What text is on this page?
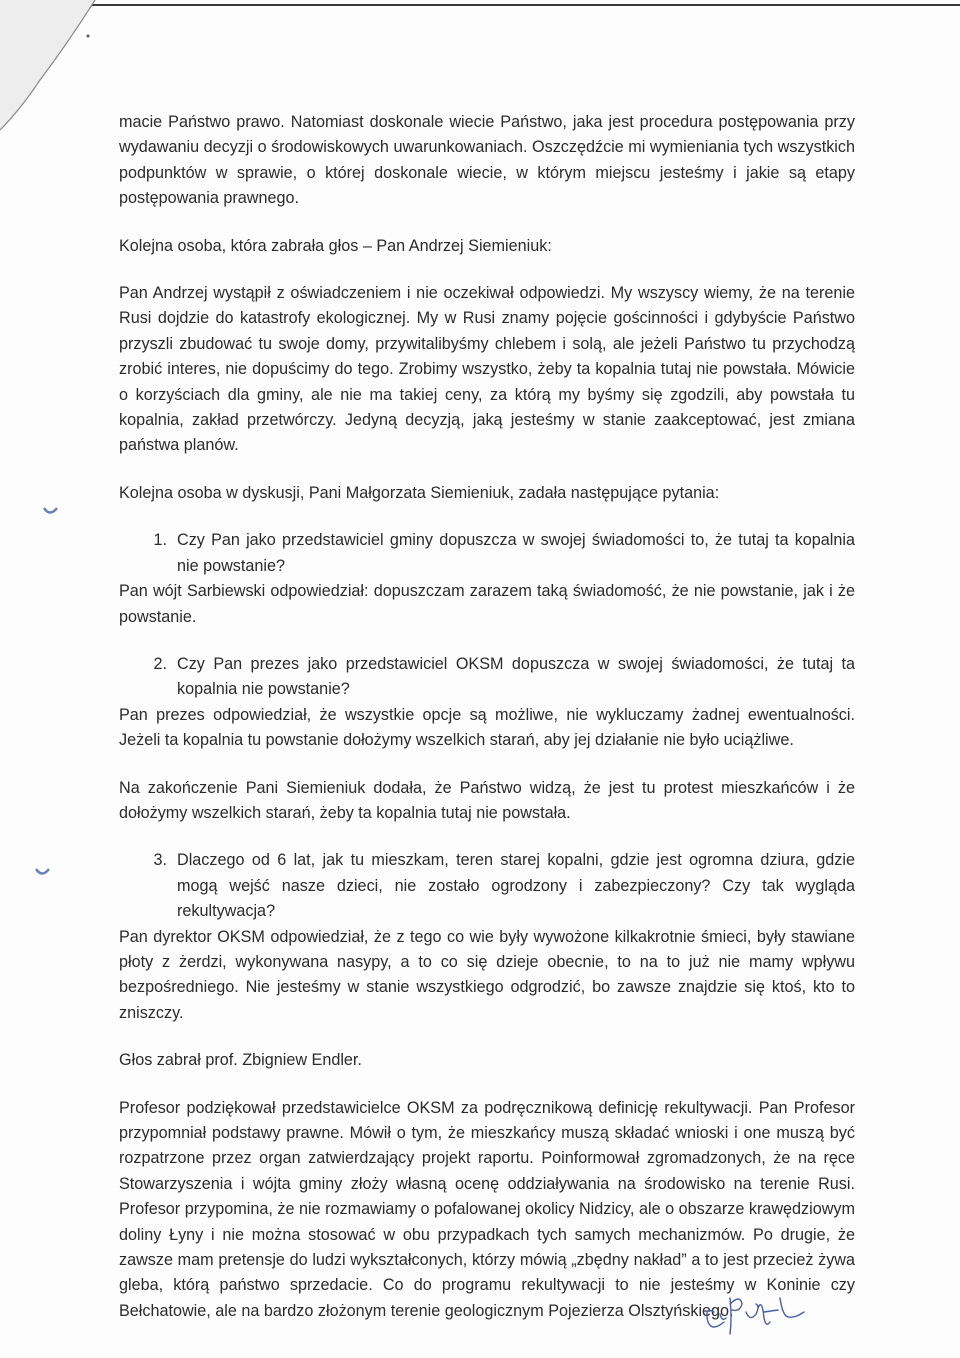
macie Państwo prawo. Natomiast doskonale wiecie Państwo, jaka jest procedura postępowania przy wydawaniu decyzji o środowiskowych uwarunkowaniach. Oszczędźcie mi wymieniania tych wszystkich podpunktów w sprawie, o której doskonale wiecie, w którym miejscu jesteśmy i jakie są etapy postępowania prawnego.

Kolejna osoba, która zabrała głos – Pan Andrzej Siemieniuk:

Pan Andrzej wystąpił z oświadczeniem i nie oczekiwał odpowiedzi. My wszyscy wiemy, że na terenie Rusi dojdzie do katastrofy ekologicznej. My w Rusi znamy pojęcie gościnności i gdybyście Państwo przyszli zbudować tu swoje domy, przywitalibyśmy chlebem i solą, ale jeżeli Państwo tu przychodzą zrobić interes, nie dopuścimy do tego. Zrobimy wszystko, żeby ta kopalnia tutaj nie powstała. Mówicie o korzyściach dla gminy, ale nie ma takiej ceny, za którą my byśmy się zgodzili, aby powstała tu kopalnia, zakład przetwórczy. Jedyną decyzją, jaką jesteśmy w stanie zaakceptować, jest zmiana państwa planów.

Kolejna osoba w dyskusji, Pani Małgorzata Siemieniuk, zadała następujące pytania:

1. Czy Pan jako przedstawiciel gminy dopuszcza w swojej świadomości to, że tutaj ta kopalnia nie powstanie?

Pan wójt Sarbiewski odpowiedział: dopuszczam zarazem taką świadomość, że nie powstanie, jak i że powstanie.

2. Czy Pan prezes jako przedstawiciel OKSM dopuszcza w swojej świadomości, że tutaj ta kopalnia nie powstanie?

Pan prezes odpowiedział, że wszystkie opcje są możliwe, nie wykluczamy żadnej ewentualności. Jeżeli ta kopalnia tu powstanie dołożymy wszelkich starań, aby jej działanie nie było uciążliwe.

Na zakończenie Pani Siemieniuk dodała, że Państwo widzą, że jest tu protest mieszkańców i że dołożymy wszelkich starań, żeby ta kopalnia tutaj nie powstała.

3. Dlaczego od 6 lat, jak tu mieszkam, teren starej kopalni, gdzie jest ogromna dziura, gdzie mogą wejść nasze dzieci, nie zostało ogrodzony i zabezpieczony? Czy tak wygląda rekultywacja?

Pan dyrektor OKSM odpowiedział, że z tego co wie były wywożone kilkakrotnie śmieci, były stawiane płoty z żerdzi, wykonywana nasypy, a to co się dzieje obecnie, to na to już nie mamy wpływu bezpośredniego. Nie jesteśmy w stanie wszystkiego odgrodzić, bo zawsze znajdzie się ktoś, kto to zniszczy.

Głos zabrał prof. Zbigniew Endler.

Profesor podziękował przedstawicielce OKSM za podręcznikową definicję rekultywacji. Pan Profesor przypomniał podstawy prawne. Mówił o tym, że mieszkańcy muszą składać wnioski i one muszą być rozpatrzone przez organ zatwierdzający projekt raportu. Poinformował zgromadzonych, że na ręce Stowarzyszenia i wójta gminy złoży własną ocenę oddziaływania na środowisko na terenie Rusi. Profesor przypomina, że nie rozmawiamy o pofalowanej okolicy Nidzicy, ale o obszarze krawędziowym doliny Łyny i nie można stosować w obu przypadkach tych samych mechanizmów. Po drugie, że zawsze mam pretensje do ludzi wykształconych, którzy mówią „zbędny nakład” a to jest przecież żywa gleba, którą państwo sprzedacie. Co do programu rekultywacji to nie jesteśmy w Koninie czy Bełchatowie, ale na bardzo złożonym terenie geologicznym Pojezierza Olsztyńskiego.
